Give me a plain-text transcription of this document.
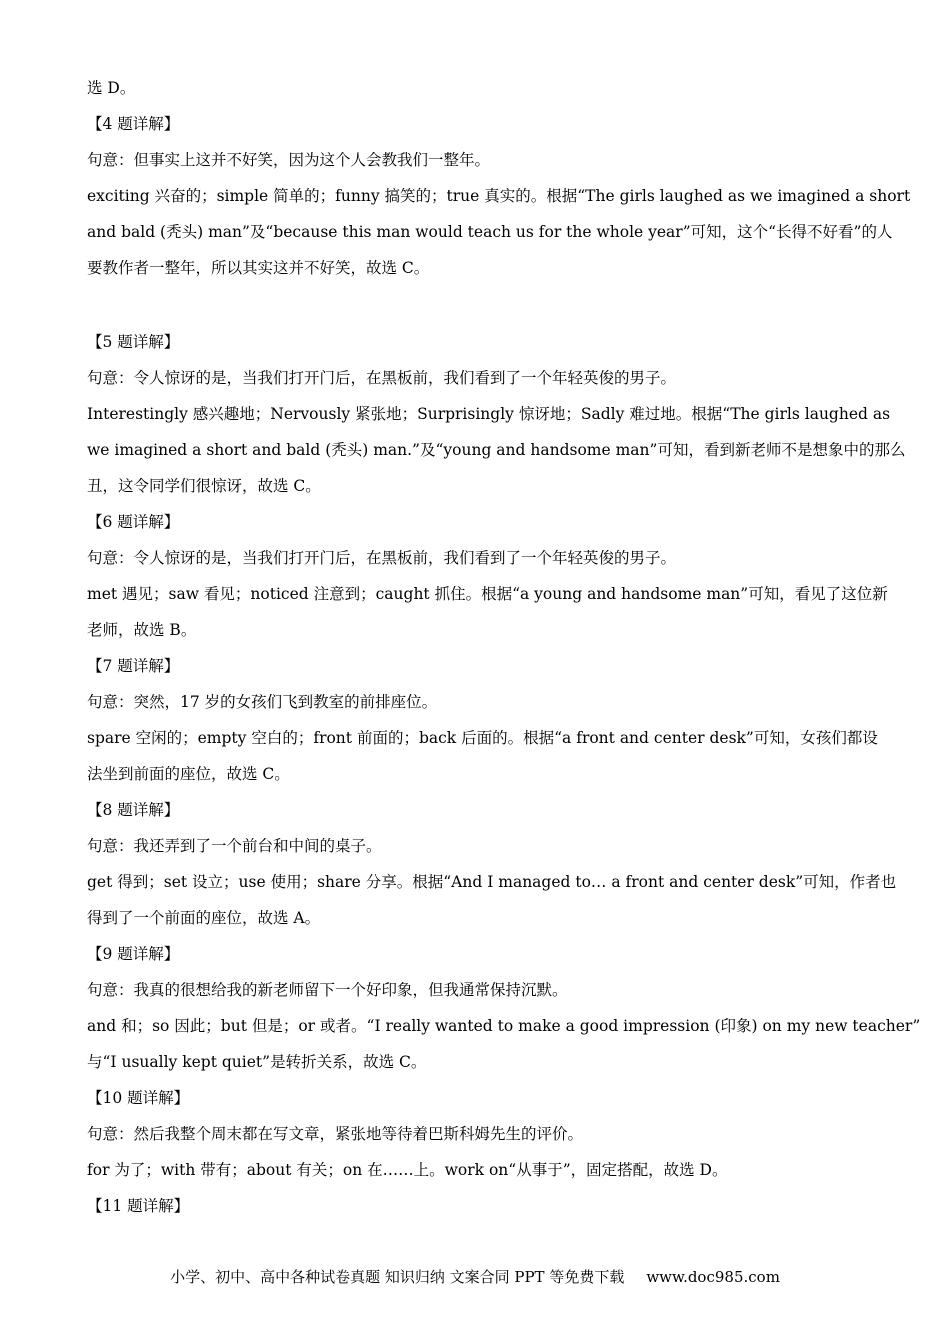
选 D。
【4 题详解】
句意：但事实上这并不好笑，因为这个人会教我们一整年。
exciting 兴奋的；simple 简单的；funny 搞笑的；true 真实的。根据“The girls laughed as we imagined a short
and bald (秃头) man”及“because this man would teach us for the whole year”可知，这个“长得不好看”的人
要教作者一整年，所以其实这并不好笑，故选 C。
【5 题详解】
句意：令人惊讶的是，当我们打开门后，在黑板前，我们看到了一个年轻英俊的男子。
Interestingly 感兴趣地；Nervously 紧张地；Surprisingly 惊讶地；Sadly 难过地。根据“The girls laughed as
we imagined a short and bald (秃头) man.”及“young and handsome man”可知，看到新老师不是想象中的那么
丑，这令同学们很惊讶，故选 C。
【6 题详解】
句意：令人惊讶的是，当我们打开门后，在黑板前，我们看到了一个年轻英俊的男子。
met 遇见；saw 看见；noticed 注意到；caught 抓住。根据“a young and handsome man”可知，看见了这位新
老师，故选 B。
【7 题详解】
句意：突然，17 岁的女孩们飞到教室的前排座位。
spare 空闲的；empty 空白的；front 前面的；back 后面的。根据“a front and center desk”可知，女孩们都设
法坐到前面的座位，故选 C。
【8 题详解】
句意：我还弄到了一个前台和中间的桌子。
get 得到；set 设立；use 使用；share 分享。根据“And I managed to… a front and center desk”可知，作者也
得到了一个前面的座位，故选 A。
【9 题详解】
句意：我真的很想给我的新老师留下一个好印象，但我通常保持沉默。
and 和；so 因此；but 但是；or 或者。“I really wanted to make a good impression (印象) on my new teacher”
与“I usually kept quiet”是转折关系，故选 C。
【10 题详解】
句意：然后我整个周末都在写文章，紧张地等待着巴斯科姆先生的评价。
for 为了；with 带有；about 有关；on 在……上。work on“从事于”，固定搭配，故选 D。
【11 题详解】
小学、初中、高中各种试卷真题 知识归纳 文案合同 PPT 等免费下载 www.doc985.com
